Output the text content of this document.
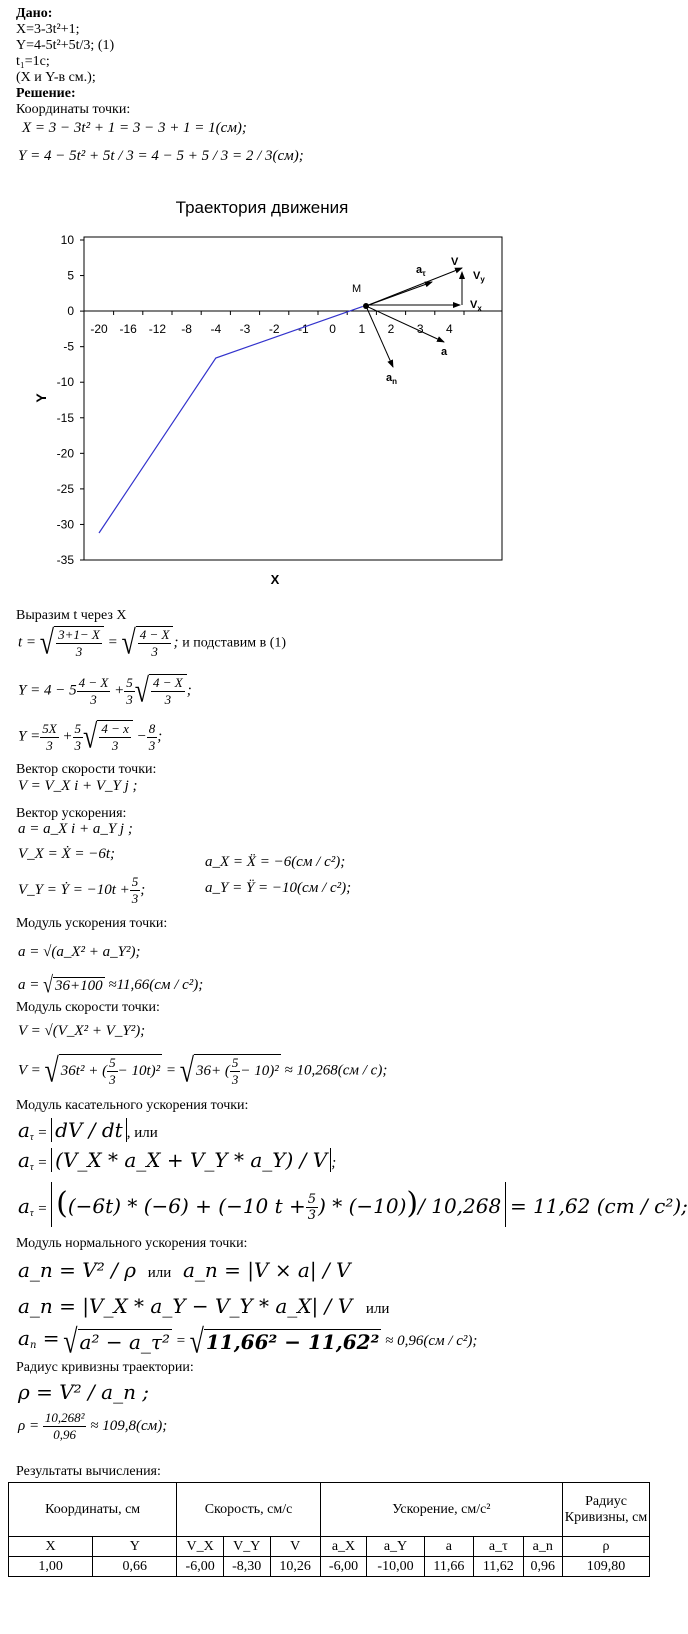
Дано:
X=3-3t²+1;
Y=4-5t²+5t/3; (1)
t₁=1c;
(X и Y-в см.);
Решение:
Координаты точки:
X = 3 − 3t² + 1 = 3 − 3 + 1 = 1(см);
Y = 4 − 5t² + 5t / 3 = 4 − 5 + 5 / 3 = 2 / 3(см);
Траектория движения
10
5
0
-5
-10
-15
-20
-25
-30
-35
-20 -16 -12 -8 -4 -3 -2 -1 0 1 2 3 4
Y
X
M
V
$V_y$
$V_x$
$a_\tau$
a
$a_n$
Выразим t через X
t = √ $\frac{3+1- X}{3}$ = √ $\frac{4 - X}{3}$ ; и подставим в (1)
$Y = 4 - 5 \frac{4 - X}{3} + \frac{5}{3}$ √ $\frac{4 - X}{3}$ ;
$Y = \frac{5X}{3} + \frac{5}{3}$ √ $\frac{4 - x}{3} - \frac{8}{3}$ ;
Вектор скорости точки:
V = V_X i + V_Y j ;
Вектор ускорения:
a = a_X i + a_Y j ;
V_X = Ẋ = −6t;
V_Y = Ẏ = $-10t + \frac{5}{3}$ ;
a_X = Ẍ = −6(см / c²);
a_Y = Ÿ = −10(см / c²);
Модуль ускорения точки:
a = √(a_X² + a_Y²);
a = √ 36+100 ≈11,66(см / c²);
Модуль скорости точки:
V = √(V_X² + V_Y²);
V = √ 36t² + ( $\frac{5}{3} - 10t)^2$ = √ 36+ ( $\frac{5}{3} - 10)^2 \approx 10,268(см / c)$;
Модуль касательного ускорения точки:
$a_\tau$ = dV / dt , или
$a_\tau$ = (V_X * a_X + V_Y * a_Y) / V ;
$a_\tau = ((-6t) * (-6) + (-10$ $t + \frac{5}{3}$ ) * (−10))/ 10,268 = 11,62 (cm / c²);
Модуль нормального ускорения точки:
a_п = V² / ρ или a_п = |V × a| / V
a_п = |V_X * a_Y − V_Y * a_X| / V или
$a_п$ = √ a² − a_τ² = √ 11,66² − 11,62² ≈ 0,96(см / c²);
Радиус кривизны траектории:
ρ = V² / a_п ;
$\rho = \frac{\text{10,268²}}{0,96} \approx 109,8(см)$;
Результаты вычисления:
Координаты, см		Скорость, см/с			Ускорение, см/с²					Радиус Кривизны, см
X	Y	V_X	V_Y	V	a_X	a_Y	a	a_τ	a_n	ρ
1,00	0,66	-6,00	-8,30	10,26	-6,00	-10,00	11,66	11,62	0,96	109,80
